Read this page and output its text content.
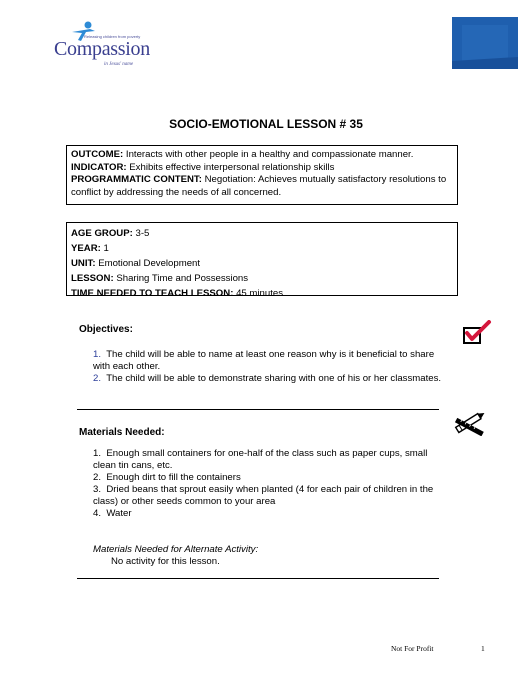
Releasing children from poverty
Compassion
in Jesus' name
SOCIO-EMOTIONAL LESSON # 35
OUTCOME: Interacts with other people in a healthy and compassionate manner.
INDICATOR: Exhibits effective interpersonal relationship skills
PROGRAMMATIC CONTENT: Negotiation: Achieves mutually satisfactory resolutions to conflict by addressing the needs of all concerned.
AGE GROUP: 3-5
YEAR: 1
UNIT: Emotional Development
LESSON: Sharing Time and Possessions
TIME NEEDED TO TEACH LESSON: 45 minutes
Objectives:

1. The child will be able to name at least one reason why is it beneficial to share with each other.

2. The child will be able to demonstrate sharing with one of his or her classmates.

Materials Needed:

1. Enough small containers for one-half of the class such as paper cups, small clean tin cans, etc.

2. Enough dirt to fill the containers

3. Dried beans that sprout easily when planted (4 for each pair of children in the class) or other seeds common to your area

4. Water

Materials Needed for Alternate Activity:
No activity for this lesson.
Not For Profit	1
